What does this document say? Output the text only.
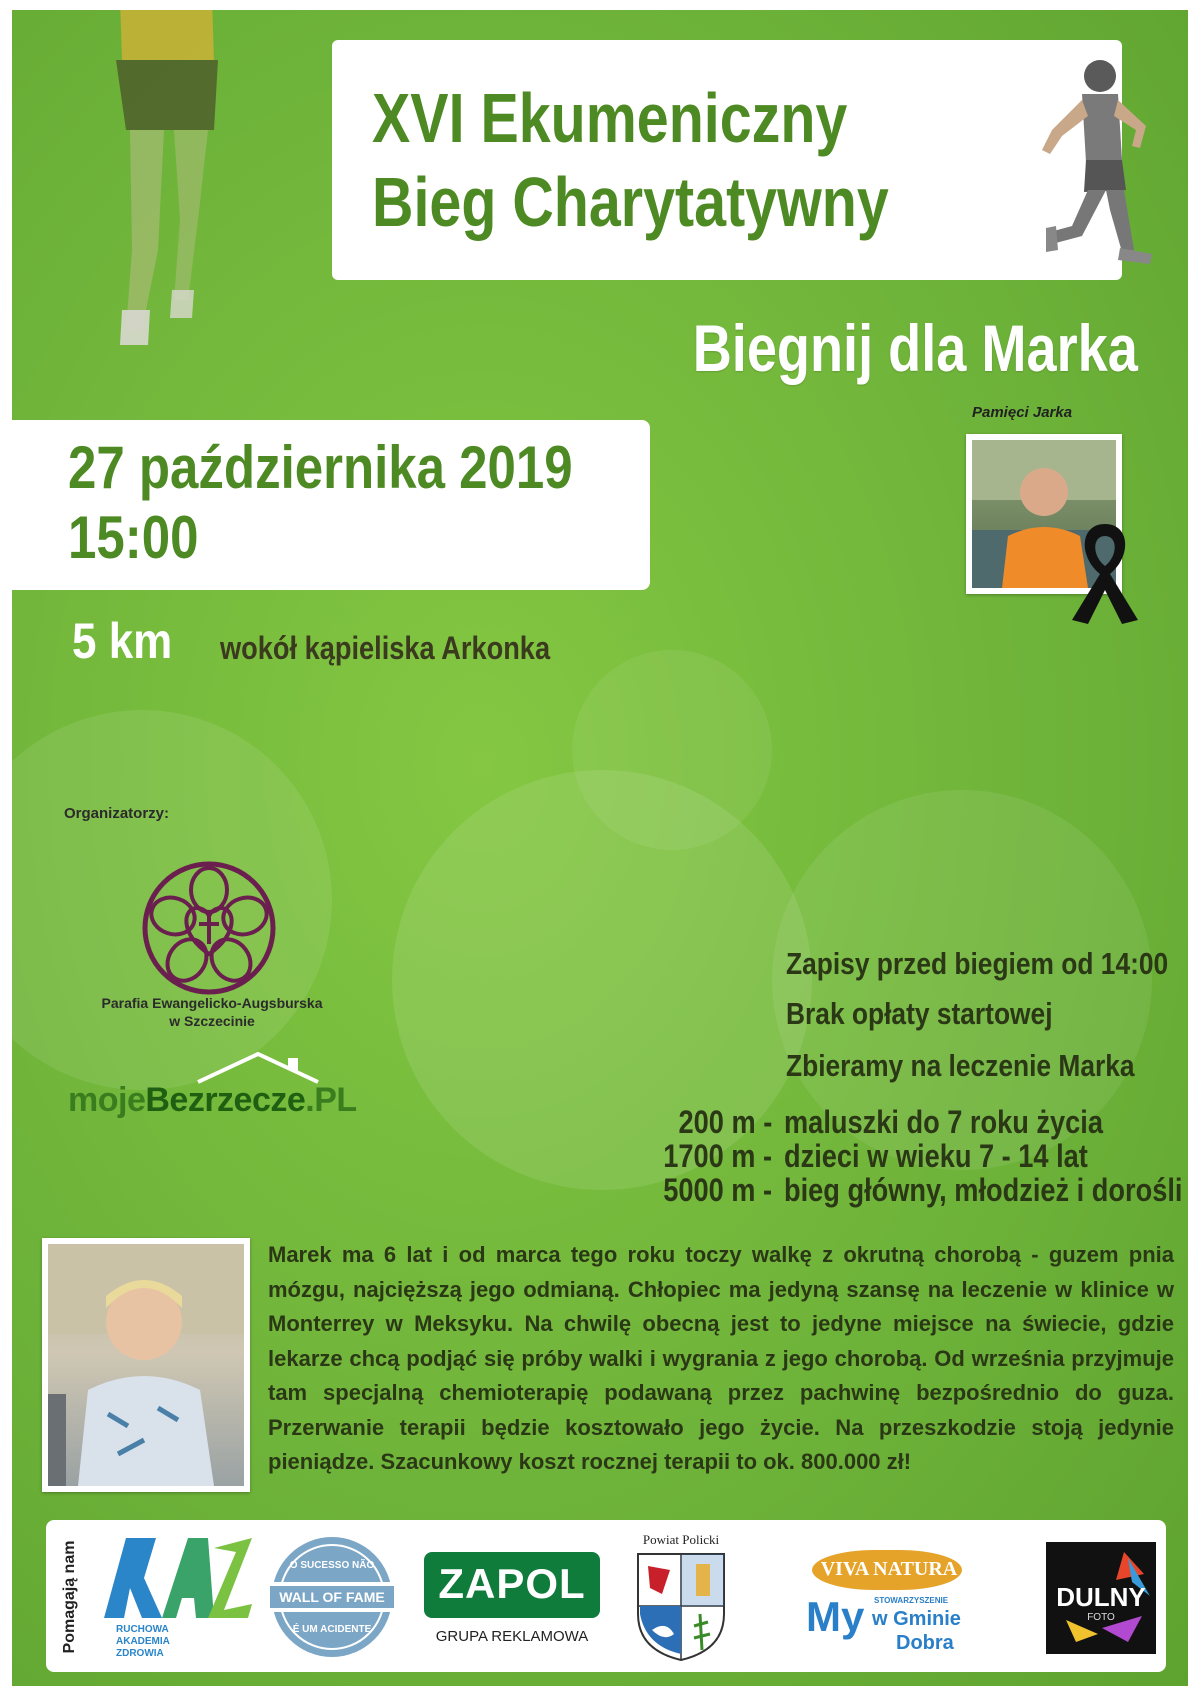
XVI Ekumeniczny
Bieg Charytatywny
Biegnij dla Marka
27 października 2019
15:00
5 km wokół kąpieliska Arkonka
Pamięci Jarka
Organizatorzy:
Parafia Ewangelicko-Augsburska
w Szczecinie
mojeBezrzecze.PL
Zapisy przed biegiem od 14:00
Brak opłaty startowej
Zbieramy na leczenie Marka
200 m - maluszki do 7 roku życia
1700 m - dzieci w wieku 7 - 14 lat
5000 m - bieg główny, młodzież i dorośli
Marek ma 6 lat i od marca tego roku toczy walkę z okrutną chorobą - guzem pnia mózgu, najcięższą jego odmianą. Chłopiec ma jedyną szansę na leczenie w klinice w Monterrey w Meksyku. Na chwilę obecną jest to jedyne miejsce na świecie, gdzie lekarze chcą podjąć się próby walki i wygrania z jego chorobą. Od września przyjmuje tam specjalną chemioterapię podawaną przez pachwinę bezpośrednio do guza. Przerwanie terapii będzie kosztowało jego życie. Na przeszkodzie stoją jedynie pieniądze. Szacunkowy koszt rocznej terapii to ok. 800.000 zł!
Pomagają nam	RUCHOWA
AKADEMIA
ZDROWIA
O SUCESSO NÃO
WALL OF FAME
É UM ACIDENTE
ZAPOL
GRUPA REKLAMOWA
Powiat Policki
VIVA NATURA
My STOWARZYSZENIE
w Gminie
Dobra
DULNY
FOTO
